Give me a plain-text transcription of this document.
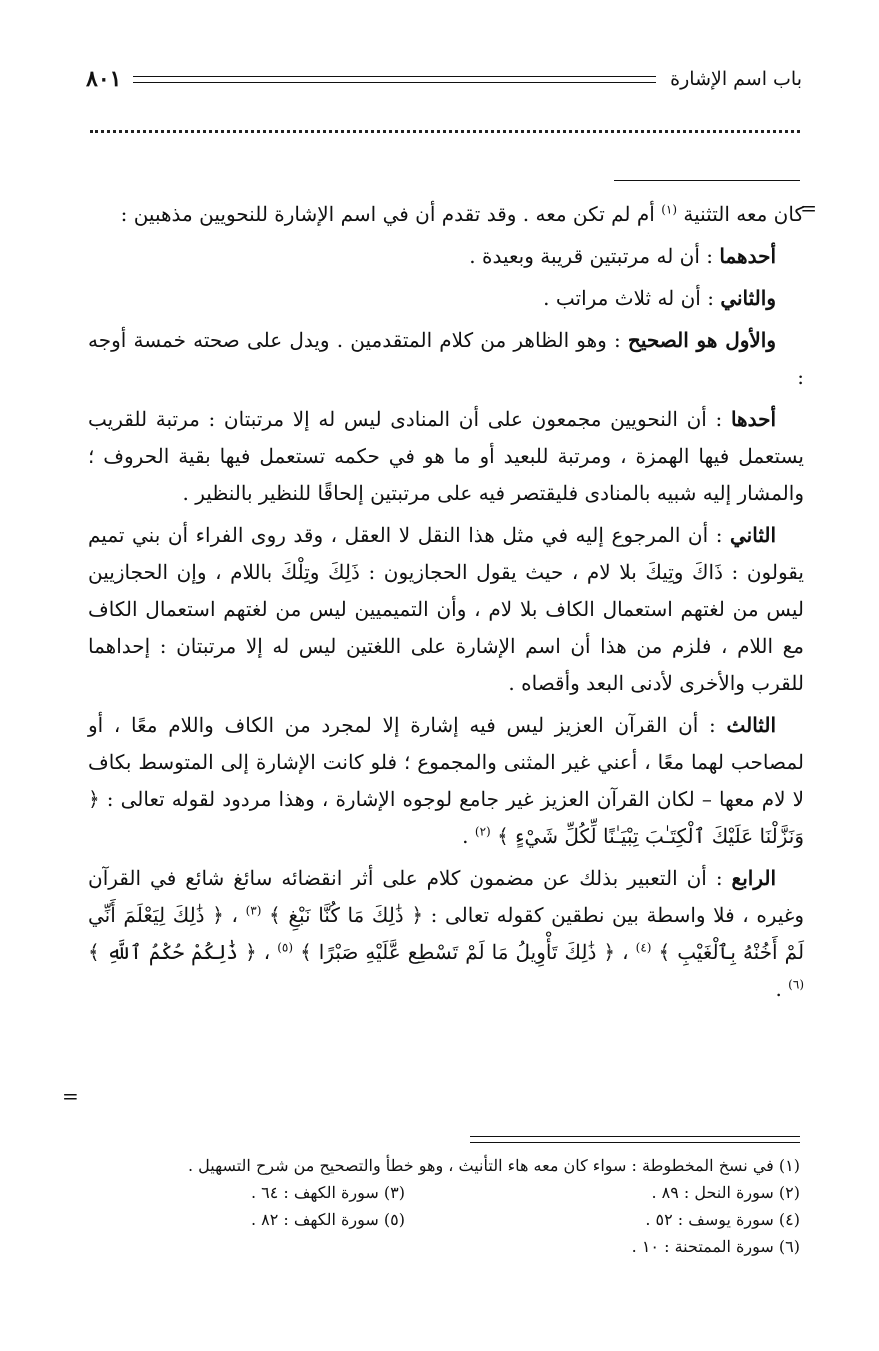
باب اسم الإشارة
٨٠١
=

كان معه التثنية $^{(١)}$ أم لم تكن معه . وقد تقدم أن في اسم الإشارة للنحويين مذهبين :

أحدهما : أن له مرتبتين قريبة وبعيدة .

والثاني : أن له ثلاث مراتب .

والأول هو الصحيح : وهو الظاهر من كلام المتقدمين . ويدل على صحته خمسة أوجه :

أحدها : أن النحويين مجمعون على أن المنادى ليس له إلا مرتبتان : مرتبة للقريب يستعمل فيها الهمزة ، ومرتبة للبعيد أو ما هو في حكمه تستعمل فيها بقية الحروف ؛ والمشار إليه شبيه بالمنادى فليقتصر فيه على مرتبتين إلحاقًا للنظير بالنظير .

الثاني : أن المرجوع إليه في مثل هذا النقل لا العقل ، وقد روى الفراء أن بني تميم يقولون : ذَاكَ وتِيكَ بلا لام ، حيث يقول الحجازيون : ذَلِكَ وتِلْكَ باللام ، وإن الحجازيين ليس من لغتهم استعمال الكاف بلا لام ، وأن التميميين ليس من لغتهم استعمال الكاف مع اللام ، فلزم من هذا أن اسم الإشارة على اللغتين ليس له إلا مرتبتان : إحداهما للقرب والأخرى لأدنى البعد وأقصاه .

الثالث : أن القرآن العزيز ليس فيه إشارة إلا لمجرد من الكاف واللام معًا ، أو لمصاحب لهما معًا ، أعني غير المثنى والمجموع ؛ فلو كانت الإشارة إلى المتوسط بكاف لا لام معها – لكان القرآن العزيز غير جامع لوجوه الإشارة ، وهذا مردود لقوله تعالى : ﴿ وَنَزَّلْنَا عَلَيْكَ ٱلْكِتَـٰبَ تِبْيَـٰنًا لِّكُلِّ شَيْءٍ ﴾ $^{(٢)}$ .

الرابع : أن التعبير بذلك عن مضمون كلام على أثر انقضائه سائغ شائع في القرآن وغيره ، فلا واسطة بين نطقين كقوله تعالى : ﴿ ذَٰلِكَ مَا كُنَّا نَبْغِ ﴾ $^{(٣)}$ ، ﴿ ذَٰلِكَ لِيَعْلَمَ أَنِّي لَمْ أَخُنْهُ بِٱلْغَيْبِ ﴾ $^{(٤)}$ ، ﴿ ذَٰلِكَ تَأْوِيلُ مَا لَمْ تَسْطِع عَّلَيْهِ صَبْرًا ﴾ $^{(٥)}$ ، ﴿ ذَٰلِكُمْ حُكْمُ ٱللَّهِ ﴾ $^{(٦)}$ .

=
(١) في نسخ المخطوطة : سواء كان معه هاء التأنيث ، وهو خطأ والتصحيح من شرح التسهيل .
(٢) سورة النحل : ٨٩ .
(٣) سورة الكهف : ٦٤ .
(٤) سورة يوسف : ٥٢ .
(٥) سورة الكهف : ٨٢ .
(٦) سورة الممتحنة : ١٠ .
